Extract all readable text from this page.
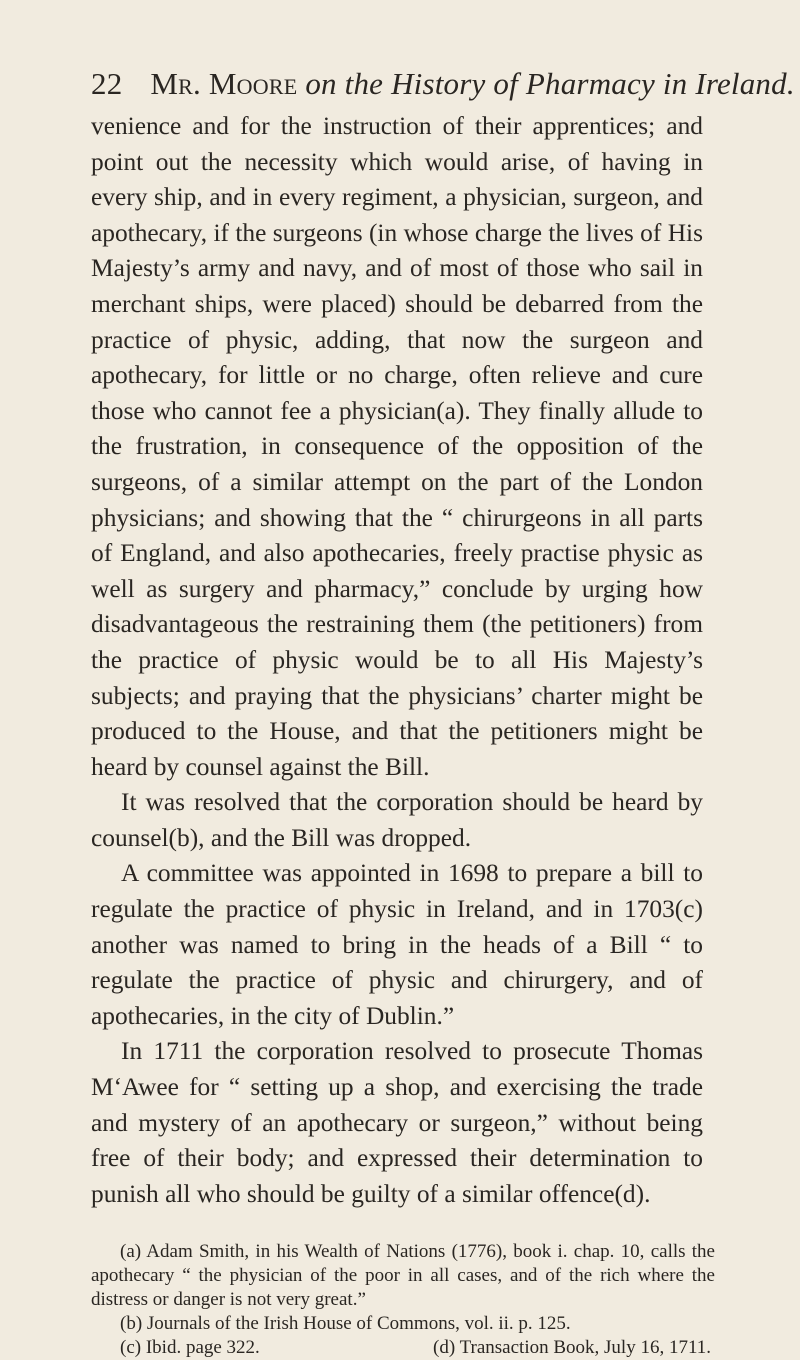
22 Mr. Moore on the History of Pharmacy in Ireland.

venience and for the instruction of their apprentices; and point out the necessity which would arise, of having in every ship, and in every regiment, a physician, surgeon, and apothecary, if the surgeons (in whose charge the lives of His Majesty’s army and navy, and of most of those who sail in merchant ships, were placed) should be debarred from the practice of physic, adding, that now the surgeon and apothecary, for little or no charge, often relieve and cure those who cannot fee a physician(a). They finally allude to the frustration, in consequence of the opposition of the surgeons, of a similar attempt on the part of the London physicians; and showing that the “ chirurgeons in all parts of England, and also apothecaries, freely practise physic as well as surgery and pharmacy,” conclude by urging how disadvantageous the restraining them (the petitioners) from the practice of physic would be to all His Majesty’s subjects; and praying that the physicians’ charter might be produced to the House, and that the petitioners might be heard by counsel against the Bill.

It was resolved that the corporation should be heard by counsel(b), and the Bill was dropped.

A committee was appointed in 1698 to prepare a bill to regulate the practice of physic in Ireland, and in 1703(c) another was named to bring in the heads of a Bill “ to regulate the practice of physic and chirurgery, and of apothecaries, in the city of Dublin.”

In 1711 the corporation resolved to prosecute Thomas M‘Awee for “ setting up a shop, and exercising the trade and mystery of an apothecary or surgeon,” without being free of their body; and expressed their determination to punish all who should be guilty of a similar offence(d).

(a) Adam Smith, in his Wealth of Nations (1776), book i. chap. 10, calls the apothecary “ the physician of the poor in all cases, and of the rich where the distress or danger is not very great.”

(b) Journals of the Irish House of Commons, vol. ii. p. 125.

(c) Ibid. page 322.	(d) Transaction Book, July 16, 1711.
